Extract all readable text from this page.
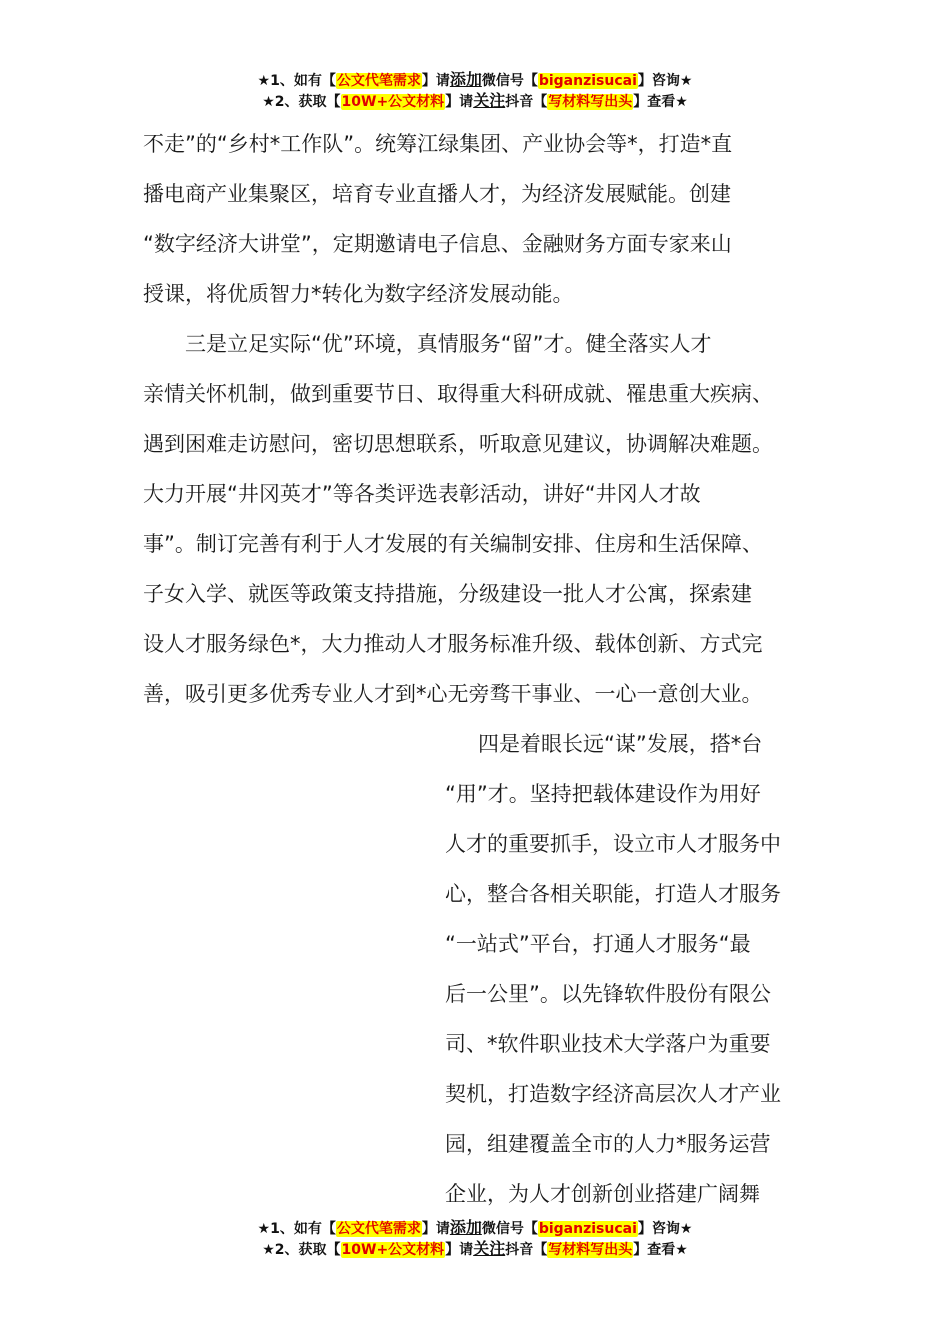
★1、如有【公文代笔需求】请添加微信号【biganzisucai】咨询★
★2、获取【10W+公文材料】请关注抖音【写材料写出头】查看★
不走”的“乡村*工作队”。统筹江绿集团、产业协会等*，打造*直
播电商产业集聚区，培育专业直播人才，为经济发展赋能。创建
“数字经济大讲堂”，定期邀请电子信息、金融财务方面专家来山
授课，将优质智力*转化为数字经济发展动能。
三是立足实际“优”环境，真情服务“留”才。健全落实人才
亲情关怀机制，做到重要节日、取得重大科研成就、罹患重大疾病、
遇到困难走访慰问，密切思想联系，听取意见建议，协调解决难题。
大力开展“井冈英才”等各类评选表彰活动，讲好“井冈人才故
事”。制订完善有利于人才发展的有关编制安排、住房和生活保障、
子女入学、就医等政策支持措施，分级建设一批人才公寓，探索建
设人才服务绿色*，大力推动人才服务标准升级、载体创新、方式完
善，吸引更多优秀专业人才到*心无旁骛干事业、一心一意创大业。
四是着眼长远“谋”发展，搭*台
“用”才。坚持把载体建设作为用好
人才的重要抓手，设立市人才服务中
心，整合各相关职能，打造人才服务
“一站式”平台，打通人才服务“最
后一公里”。以先锋软件股份有限公
司、*软件职业技术大学落户为重要
契机，打造数字经济高层次人才产业
园，组建覆盖全市的人力*服务运营
企业，为人才创新创业搭建广阔舞
★1、如有【公文代笔需求】请添加微信号【biganzisucai】咨询★
★2、获取【10W+公文材料】请关注抖音【写材料写出头】查看★
